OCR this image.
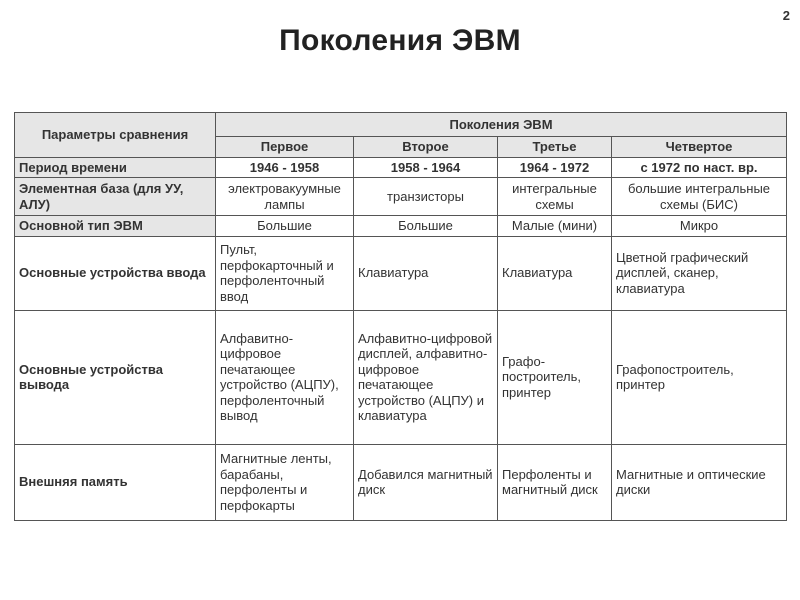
2
Поколения ЭВМ
Параметры сравнения	Поколения ЭВМ			
	Первое	Второе	Третье	Четвертое
Период времени	1946 - 1958	1958 - 1964	1964 - 1972	с 1972 по наст. вр.
Элементная база (для УУ, АЛУ)	электровакуумные лампы	транзисторы	интегральные схемы	большие интегральные схемы (БИС)
Основной тип ЭВМ	Большие	Большие	Малые (мини)	Микро
Основные устройства ввода	Пульт, перфокарточный и перфоленточный ввод	Клавиатура	Клавиатура	Цветной графический дисплей, сканер, клавиатура
Основные устройства вывода	Алфавитно-цифровое печатающее устройство (АЦПУ), перфоленточный вывод	Алфавитно-цифровой дисплей, алфавитно-цифровое печатающее устройство (АЦПУ) и клавиатура	Графо-построитель, принтер	Графопостроитель, принтер
Внешняя память	Магнитные ленты, барабаны, перфоленты и перфокарты	Добавился магнитный диск	Перфоленты и магнитный диск	Магнитные и оптические диски
